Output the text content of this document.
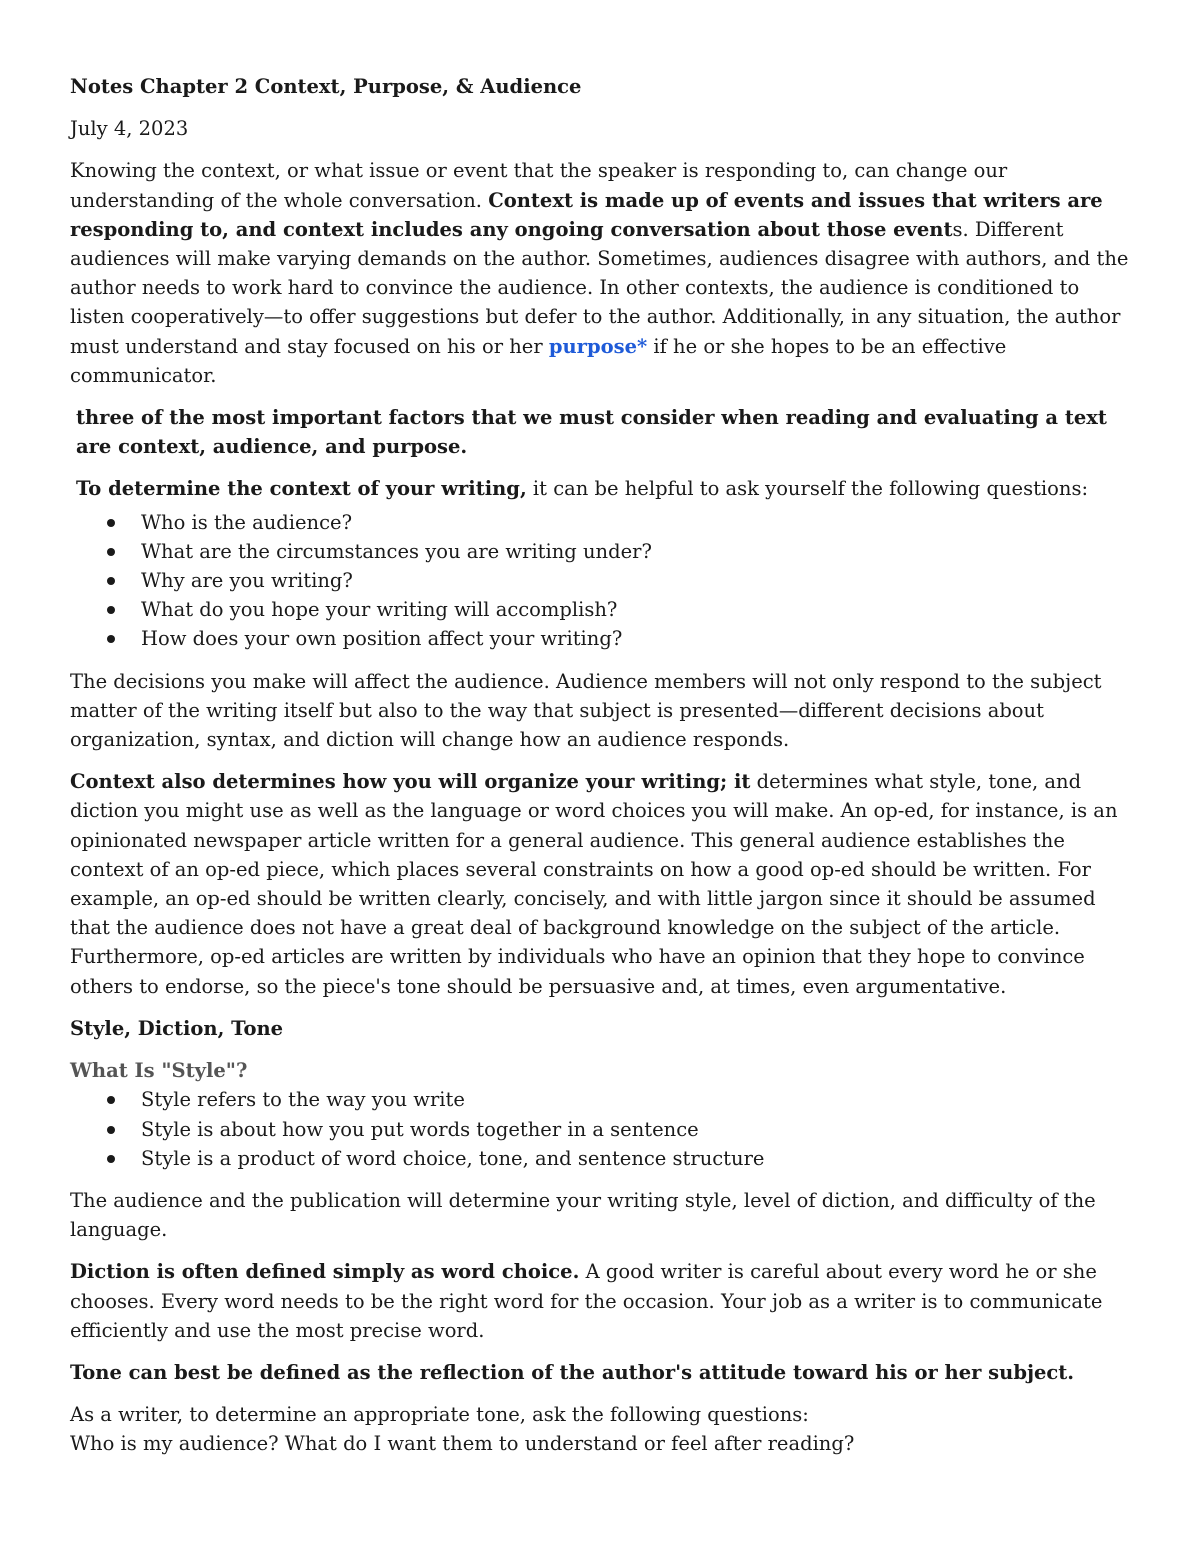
Notes Chapter 2 Context, Purpose, & Audience

July 4, 2023

Knowing the context, or what issue or event that the speaker is responding to, can change our understanding of the whole conversation. Context is made up of events and issues that writers are responding to, and context includes any ongoing conversation about those events. Different audiences will make varying demands on the author. Sometimes, audiences disagree with authors, and the author needs to work hard to convince the audience. In other contexts, the audience is conditioned to listen cooperatively—to offer suggestions but defer to the author. Additionally, in any situation, the author must understand and stay focused on his or her purpose* if he or she hopes to be an effective communicator.

three of the most important factors that we must consider when reading and evaluating a text are context, audience, and purpose.

To determine the context of your writing, it can be helpful to ask yourself the following questions:

Who is the audience?
What are the circumstances you are writing under?
Why are you writing?
What do you hope your writing will accomplish?
How does your own position affect your writing?

The decisions you make will affect the audience. Audience members will not only respond to the subject matter of the writing itself but also to the way that subject is presented—different decisions about organization, syntax, and diction will change how an audience responds.

Context also determines how you will organize your writing; it determines what style, tone, and diction you might use as well as the language or word choices you will make. An op-ed, for instance, is an opinionated newspaper article written for a general audience. This general audience establishes the context of an op-ed piece, which places several constraints on how a good op-ed should be written. For example, an op-ed should be written clearly, concisely, and with little jargon since it should be assumed that the audience does not have a great deal of background knowledge on the subject of the article. Furthermore, op-ed articles are written by individuals who have an opinion that they hope to convince others to endorse, so the piece's tone should be persuasive and, at times, even argumentative.

Style, Diction, Tone

What Is "Style"?

Style refers to the way you write
Style is about how you put words together in a sentence
Style is a product of word choice, tone, and sentence structure

The audience and the publication will determine your writing style, level of diction, and difficulty of the language.

Diction is often defined simply as word choice. A good writer is careful about every word he or she chooses. Every word needs to be the right word for the occasion. Your job as a writer is to communicate efficiently and use the most precise word.

Tone can best be defined as the reflection of the author's attitude toward his or her subject.

As a writer, to determine an appropriate tone, ask the following questions:

Who is my audience? What do I want them to understand or feel after reading?
